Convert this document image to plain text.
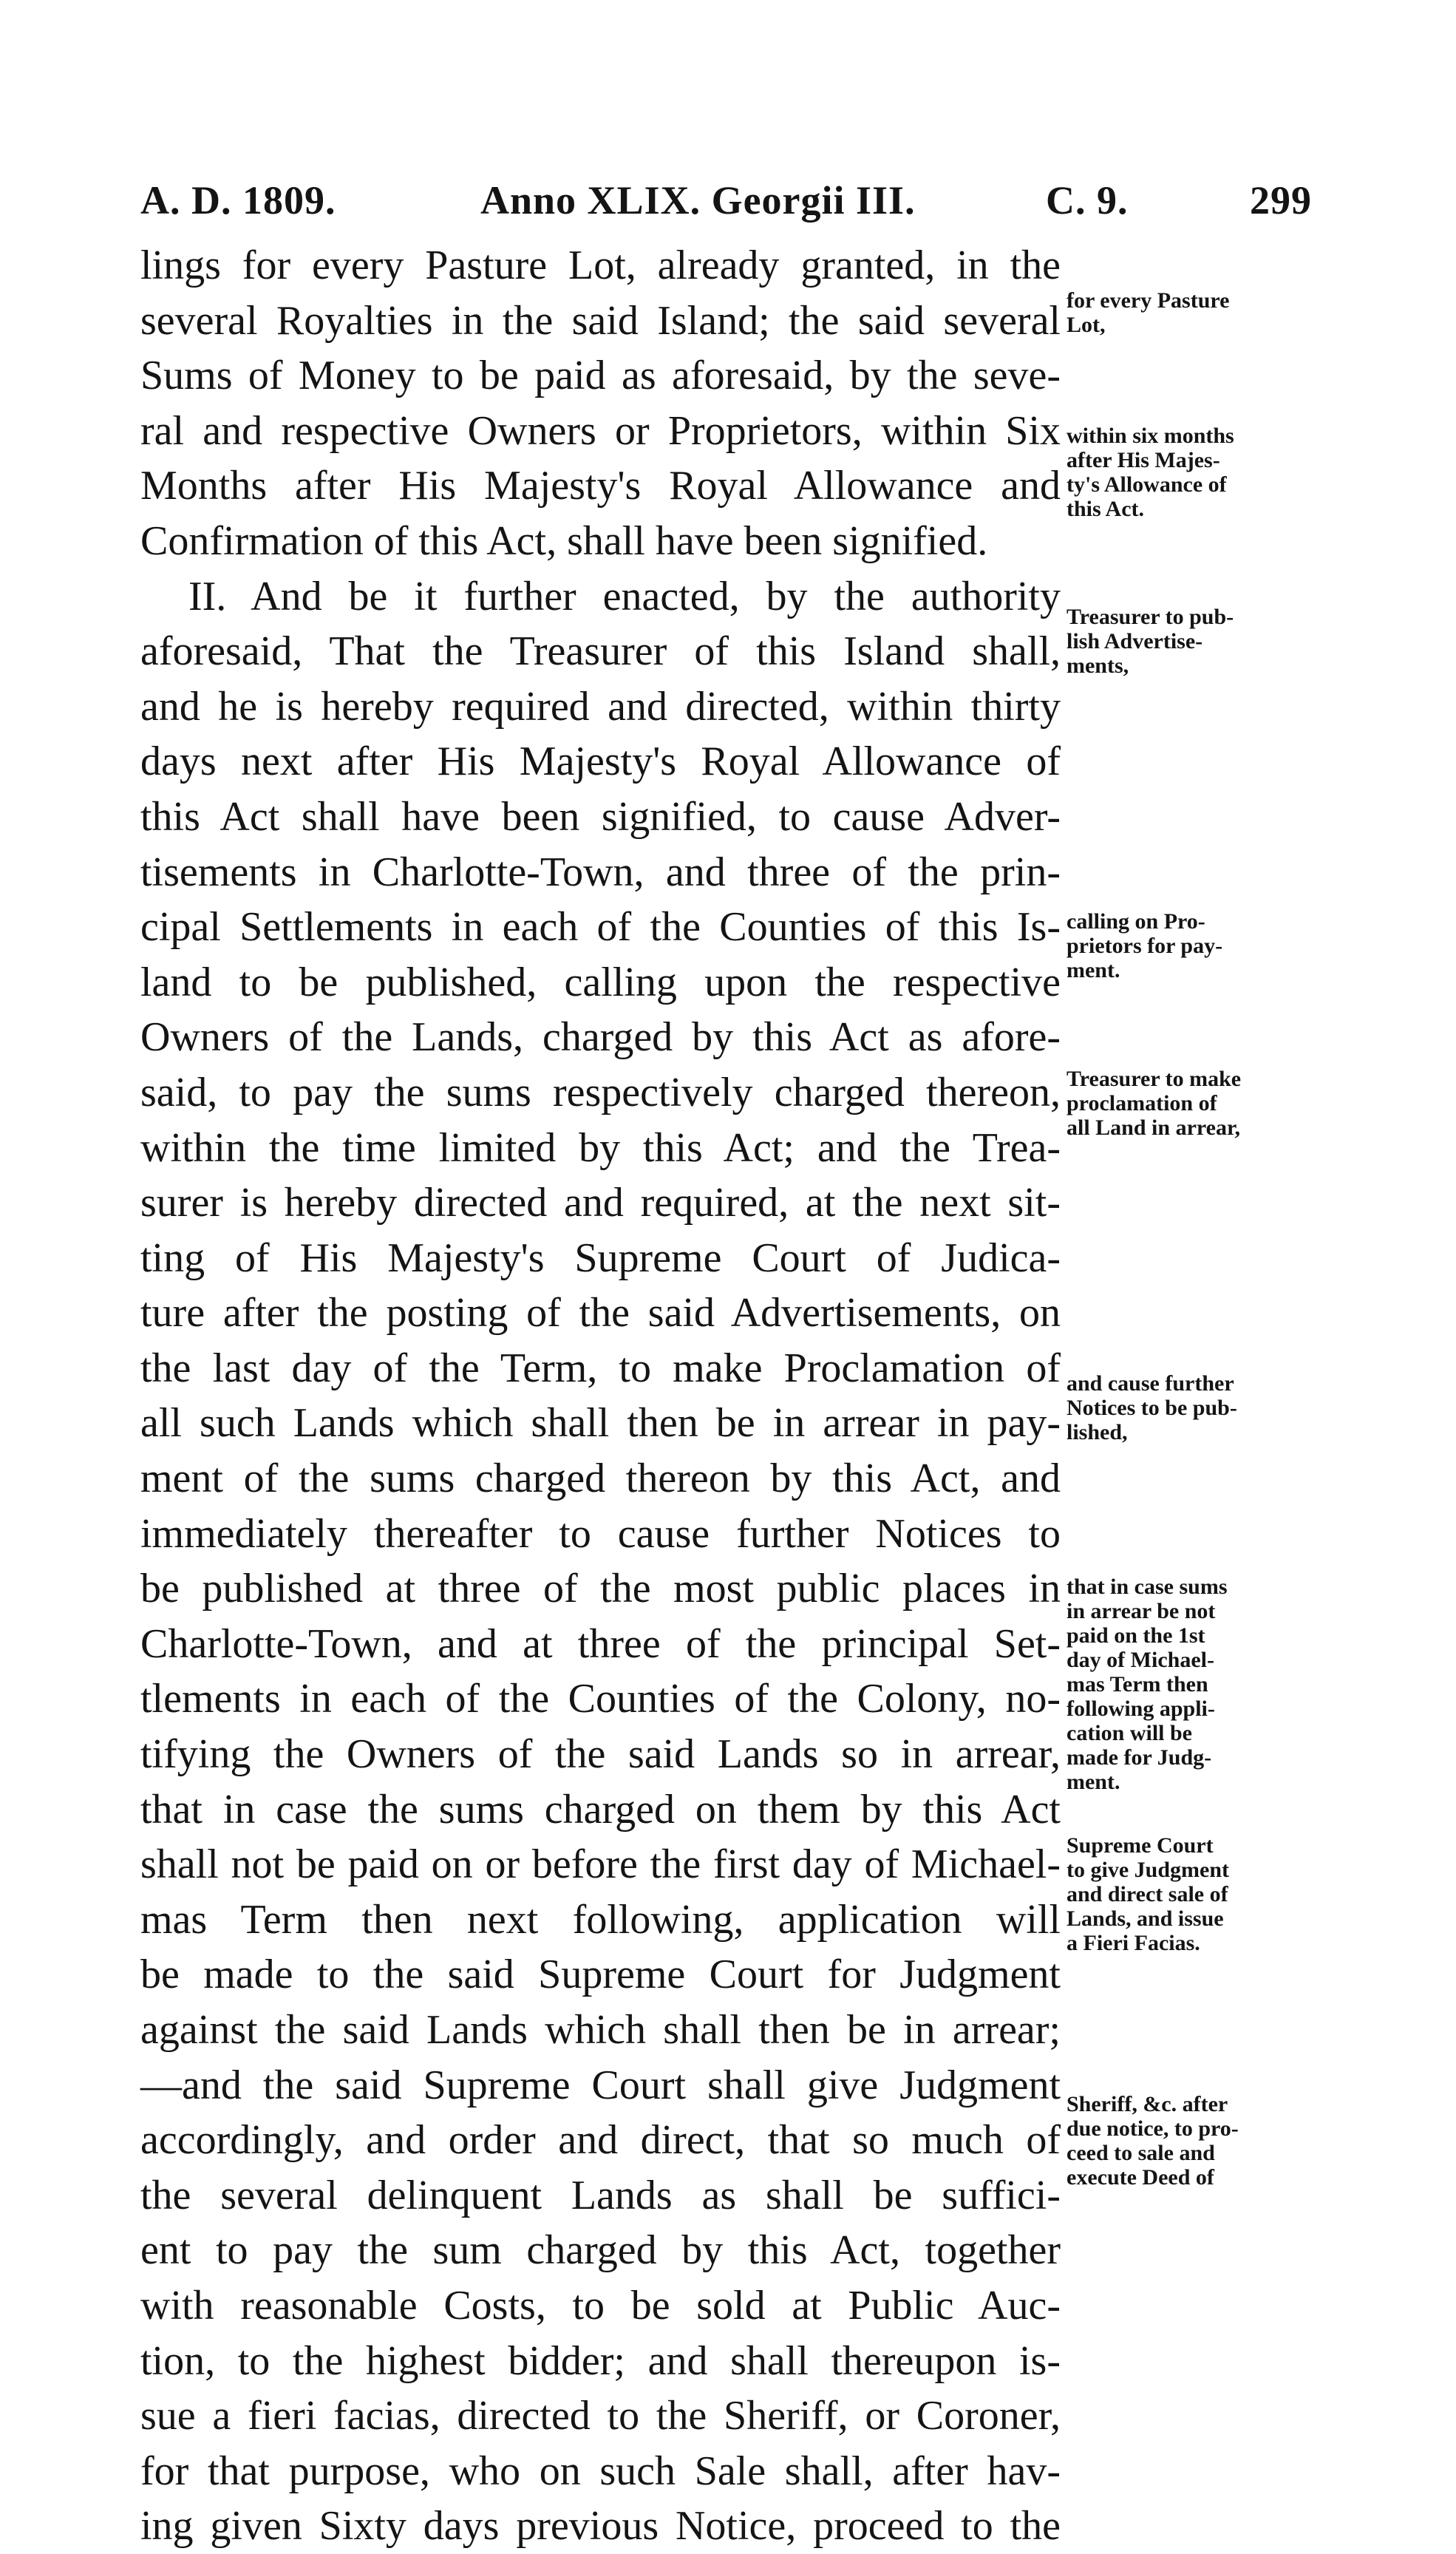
A. D. 1809.	Anno XLIX. Georgii III.	C. 9.	299
lings for every Pasture Lot, already granted, in the
several Royalties in the said Island; the said several
Sums of Money to be paid as aforesaid, by the seve-
ral and respective Owners or Proprietors, within Six
Months after His Majesty's Royal Allowance and
Confirmation of this Act, shall have been signified.
II. And be it further enacted, by the authority
aforesaid, That the Treasurer of this Island shall,
and he is hereby required and directed, within thirty
days next after His Majesty's Royal Allowance of
this Act shall have been signified, to cause Adver-
tisements in Charlotte-Town, and three of the prin-
cipal Settlements in each of the Counties of this Is-
land to be published, calling upon the respective
Owners of the Lands, charged by this Act as afore-
said, to pay the sums respectively charged thereon,
within the time limited by this Act; and the Trea-
surer is hereby directed and required, at the next sit-
ting of His Majesty's Supreme Court of Judica-
ture after the posting of the said Advertisements, on
the last day of the Term, to make Proclamation of
all such Lands which shall then be in arrear in pay-
ment of the sums charged thereon by this Act, and
immediately thereafter to cause further Notices to
be published at three of the most public places in
Charlotte-Town, and at three of the principal Set-
tlements in each of the Counties of the Colony, no-
tifying the Owners of the said Lands so in arrear,
that in case the sums charged on them by this Act
shall not be paid on or before the first day of Michael-
mas Term then next following, application will
be made to the said Supreme Court for Judgment
against the said Lands which shall then be in arrear;
—and the said Supreme Court shall give Judgment
accordingly, and order and direct, that so much of
the several delinquent Lands as shall be suffici-
ent to pay the sum charged by this Act, together
with reasonable Costs, to be sold at Public Auc-
tion, to the highest bidder; and shall thereupon is-
sue a fieri facias, directed to the Sheriff, or Coroner,
for that purpose, who on such Sale shall, after hav-
ing given Sixty days previous Notice, proceed to the
for every Pasture
Lot,
within six months
after His Majes-
ty's Allowance of
this Act.
Treasurer to pub-
lish Advertise-
ments,
calling on Pro-
prietors for pay-
ment.
Treasurer to make
proclamation of
all Land in arrear,
and cause further
Notices to be pub-
lished,
that in case sums
in arrear be not
paid on the 1st
day of Michael-
mas Term then
following appli-
cation will be
made for Judg-
ment.
Supreme Court
to give Judgment
and direct sale of
Lands, and issue
a Fieri Facias.
Sheriff, &c. after
due notice, to pro-
ceed to sale and
execute Deed of
